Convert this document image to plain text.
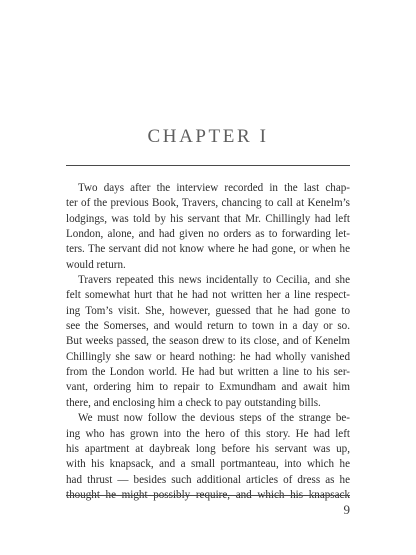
CHAPTER I
Two days after the interview recorded in the last chap-
ter of the previous Book, Travers, chancing to call at Kenelm’s
lodgings, was told by his servant that Mr. Chillingly had left
London, alone, and had given no orders as to forwarding let-
ters. The servant did not know where he had gone, or when he
would return.
Travers repeated this news incidentally to Cecilia, and she
felt somewhat hurt that he had not written her a line respect-
ing Tom’s visit. She, however, guessed that he had gone to
see the Somerses, and would return to town in a day or so.
But weeks passed, the season drew to its close, and of Kenelm
Chillingly she saw or heard nothing: he had wholly vanished
from the London world. He had but written a line to his ser-
vant, ordering him to repair to Exmundham and await him
there, and enclosing him a check to pay outstanding bills.
We must now follow the devious steps of the strange be-
ing who has grown into the hero of this story. He had left
his apartment at daybreak long before his servant was up,
with his knapsack, and a small portmanteau, into which he
had thrust — besides such additional articles of dress as he
thought he might possibly require, and which his knapsack
9
